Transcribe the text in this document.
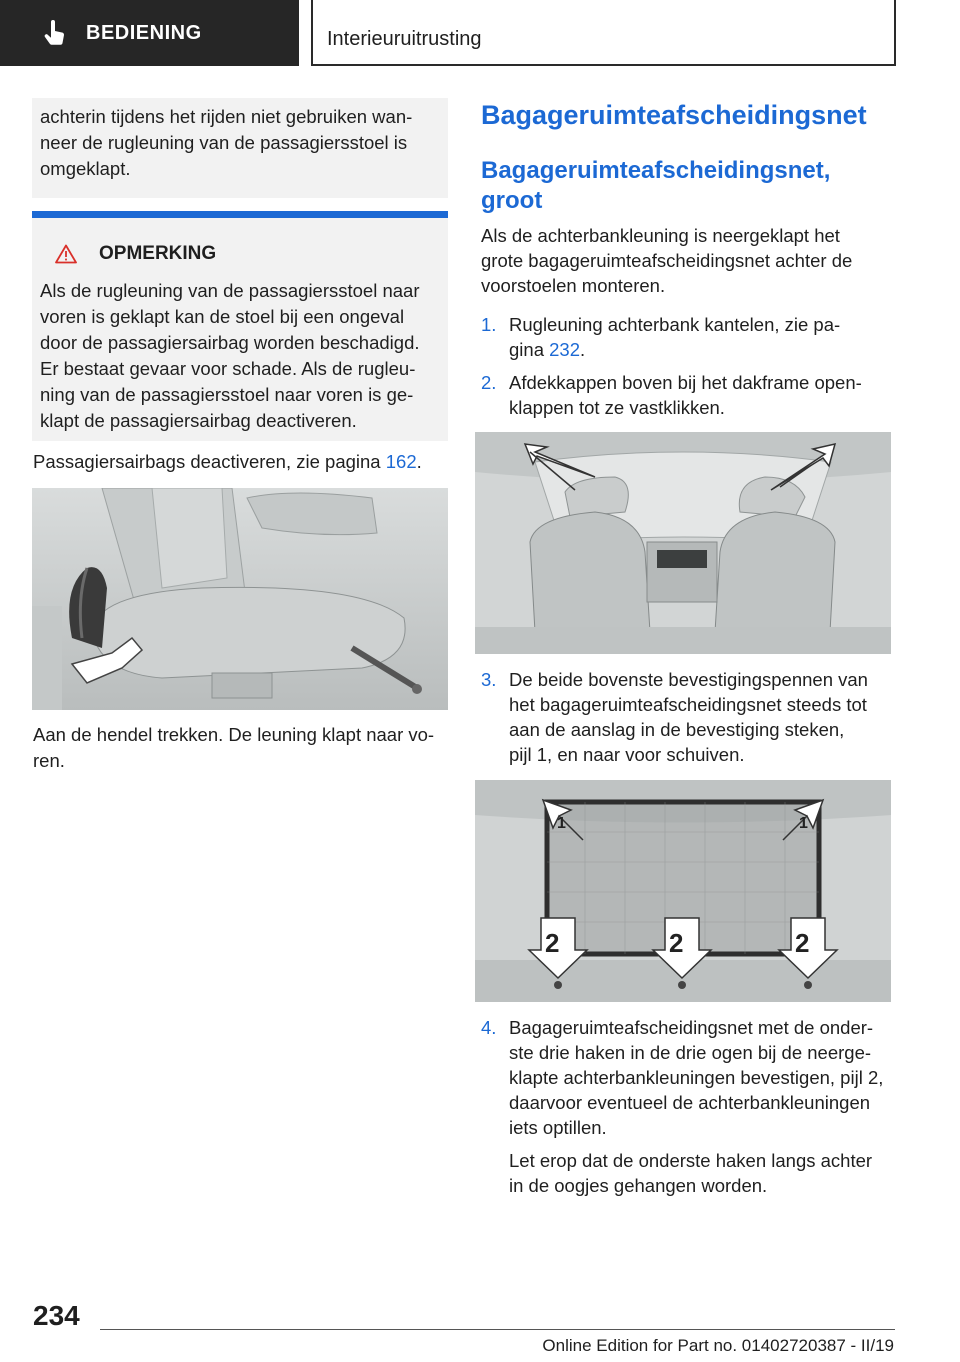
BEDIENING	Interieuruitrusting
achterin tijdens het rijden niet gebruiken wan-
neer de rugleuning van de passagiersstoel is
omgeklapt.
OPMERKING
Als de rugleuning van de passagiersstoel naar
voren is geklapt kan de stoel bij een ongeval
door de passagiersairbag worden beschadigd.
Er bestaat gevaar voor schade. Als de rugleu-
ning van de passagiersstoel naar voren is ge-
klapt de passagiersairbag deactiveren.
Passagiersairbags deactiveren, zie pagina 162.
Aan de hendel trekken. De leuning klapt naar vo-
ren.
Bagageruimteafscheidingsnet
Bagageruimteafscheidingsnet, groot
Als de achterbankleuning is neergeklapt het
grote bagageruimteafscheidingsnet achter de
voorstoelen monteren.
1. Rugleuning achterbank kantelen, zie pa-
gina 232.
2. Afdekkappen boven bij het dakframe open-
klappen tot ze vastklikken.
3. De beide bovenste bevestigingspennen van
het bagageruimteafscheidingsnet steeds tot
aan de aanslag in de bevestiging steken,
pijl 1, en naar voor schuiven.
1	1
2	2	2
4. Bagageruimteafscheidingsnet met de onder-
ste drie haken in de drie ogen bij de neerge-
klapte achterbankleuningen bevestigen, pijl 2,
daarvoor eventueel de achterbankleuningen
iets optillen.
Let erop dat de onderste haken langs achter
in de oogjes gehangen worden.
234
Online Edition for Part no. 01402720387 - II/19
